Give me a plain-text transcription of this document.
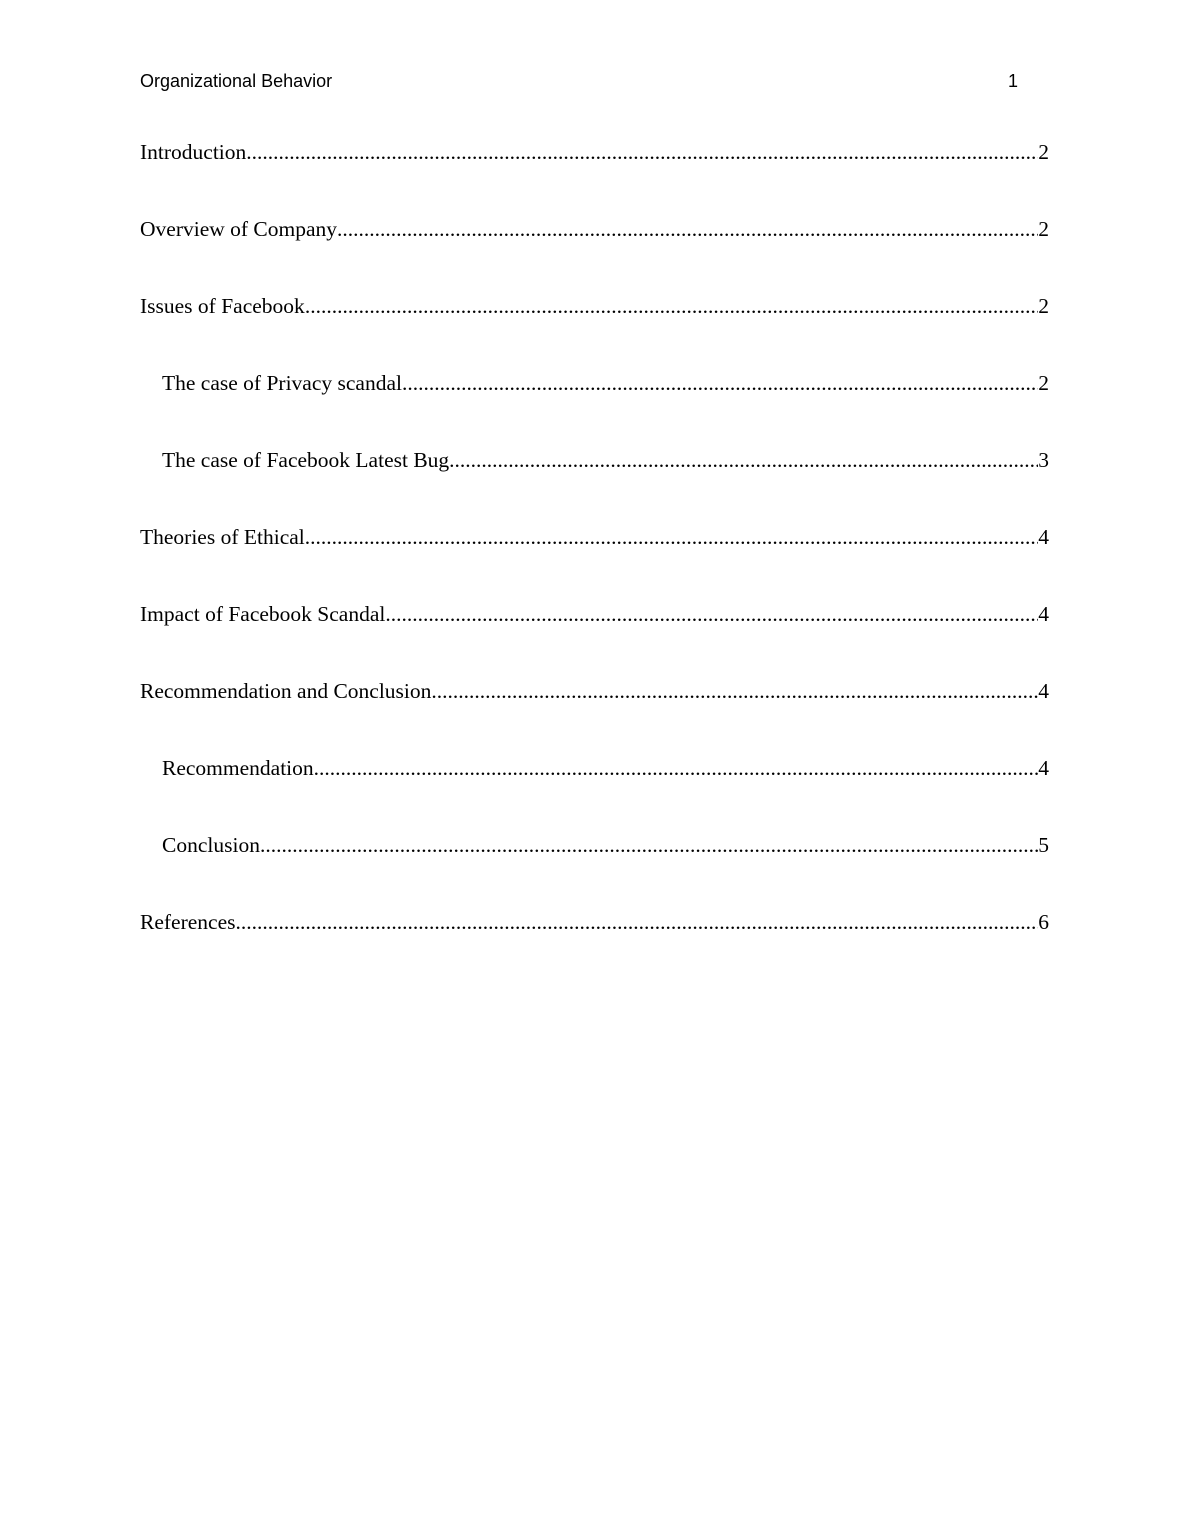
Organizational Behavior	1
Introduction .....	2
Overview of Company .....	2
Issues of Facebook .....	2
The case of Privacy scandal .....	2
The case of Facebook Latest Bug .....	3
Theories of Ethical .....	4
Impact of Facebook Scandal .....	4
Recommendation and Conclusion .....	4
Recommendation .....	4
Conclusion .....	5
References .....	6
